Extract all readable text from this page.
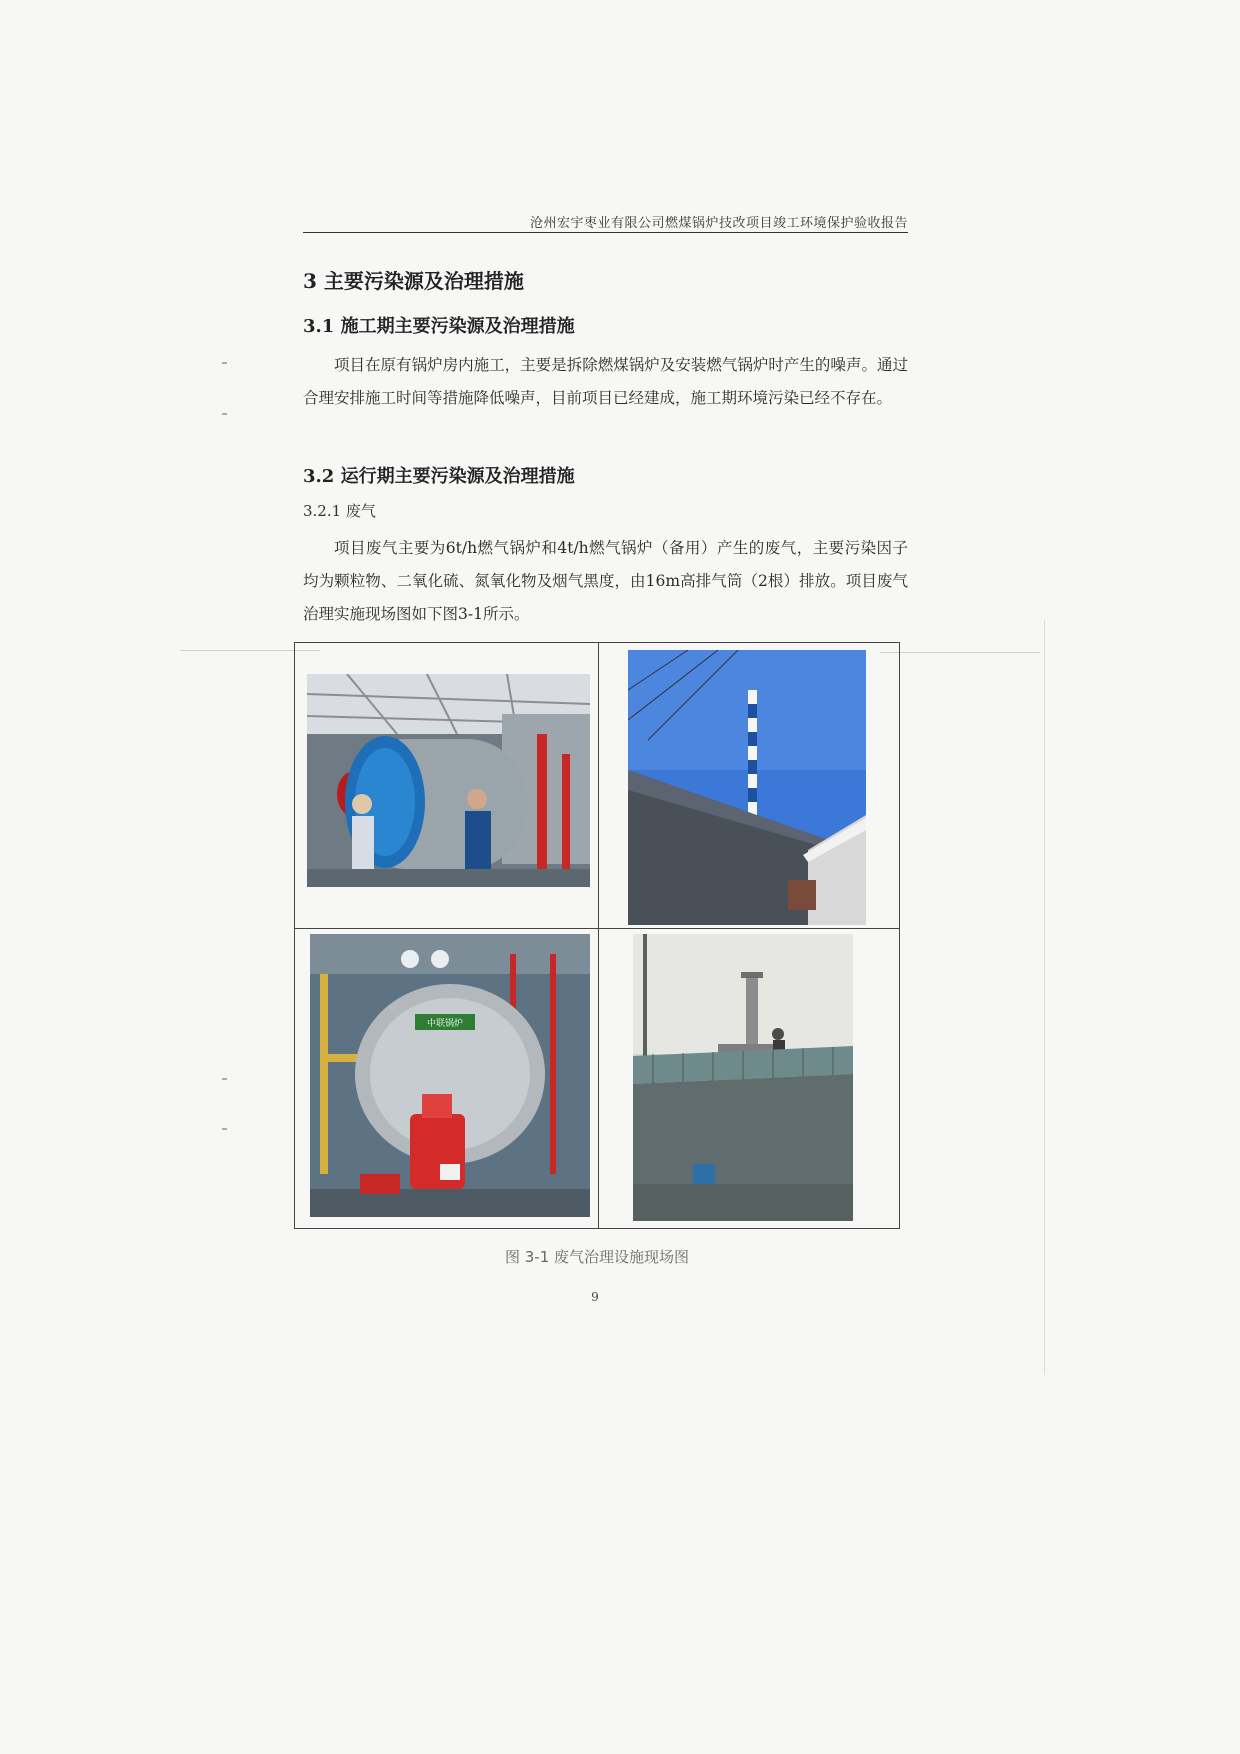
沧州宏宇枣业有限公司燃煤锅炉技改项目竣工环境保护验收报告
3 主要污染源及治理措施
3.1 施工期主要污染源及治理措施

项目在原有锅炉房内施工，主要是拆除燃煤锅炉及安装燃气锅炉时产生的噪声。通过合理安排施工时间等措施降低噪声，目前项目已经建成，施工期环境污染已经不存在。

3.2 运行期主要污染源及治理措施
3.2.1 废气

项目废气主要为6t/h燃气锅炉和4t/h燃气锅炉（备用）产生的废气，主要污染因子均为颗粒物、二氧化硫、氮氧化物及烟气黑度，由16m高排气筒（2根）排放。项目废气治理实施现场图如下图3-1所示。

中联锅炉
图 3-1 废气治理设施现场图
9
